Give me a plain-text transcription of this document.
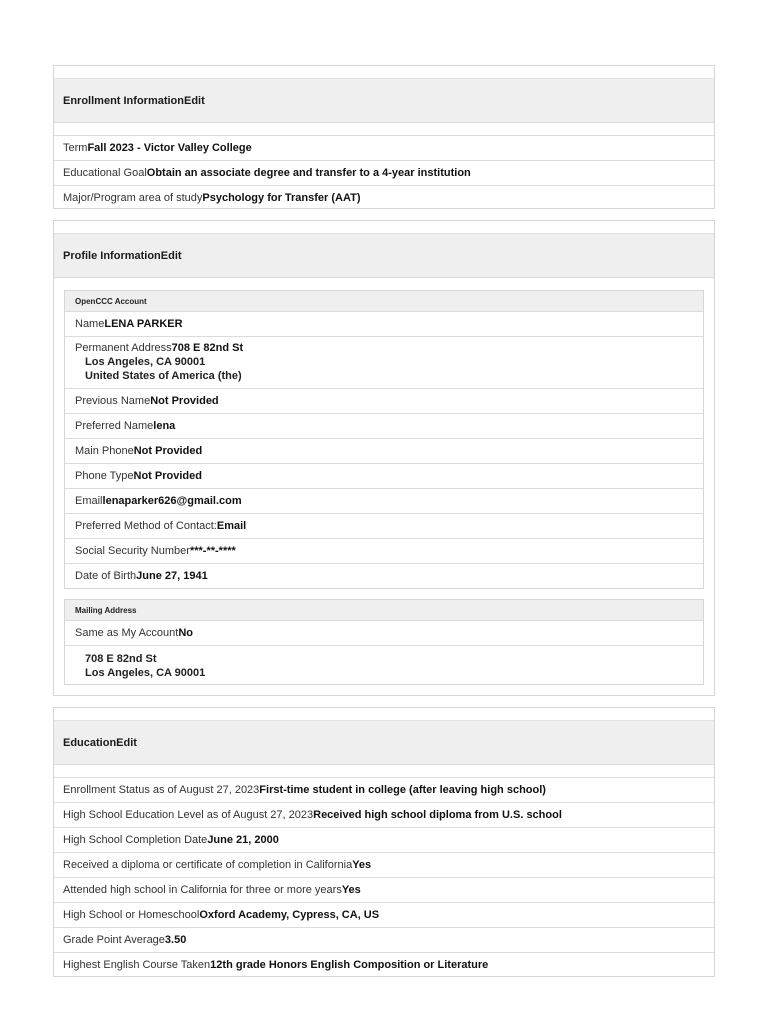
Enrollment Information Edit
Term Fall 2023 - Victor Valley College
Educational Goal Obtain an associate degree and transfer to a 4-year institution
Major/Program area of study Psychology for Transfer (AAT)
Profile Information Edit
OpenCCC Account
Name LENA PARKER
Permanent Address708 E 82nd St
Los Angeles, CA 90001
United States of America (the)
Previous Name Not Provided
Preferred Name lena
Main Phone Not Provided
Phone Type Not Provided
Email lenaparker626@gmail.com
Preferred Method of Contact: Email
Social Security Number ***-**-****
Date of Birth June 27, 1941
Mailing Address
Same as My Account No
708 E 82nd St
Los Angeles, CA 90001
Education Edit
Enrollment Status as of August 27, 2023 First-time student in college (after leaving high school)
High School Education Level as of August 27, 2023 Received high school diploma from U.S. school
High School Completion Date June 21, 2000
Received a diploma or certificate of completion in California Yes
Attended high school in California for three or more years Yes
High School or Homeschool Oxford Academy, Cypress, CA, US
Grade Point Average 3.50
Highest English Course Taken 12th grade Honors English Composition or Literature
